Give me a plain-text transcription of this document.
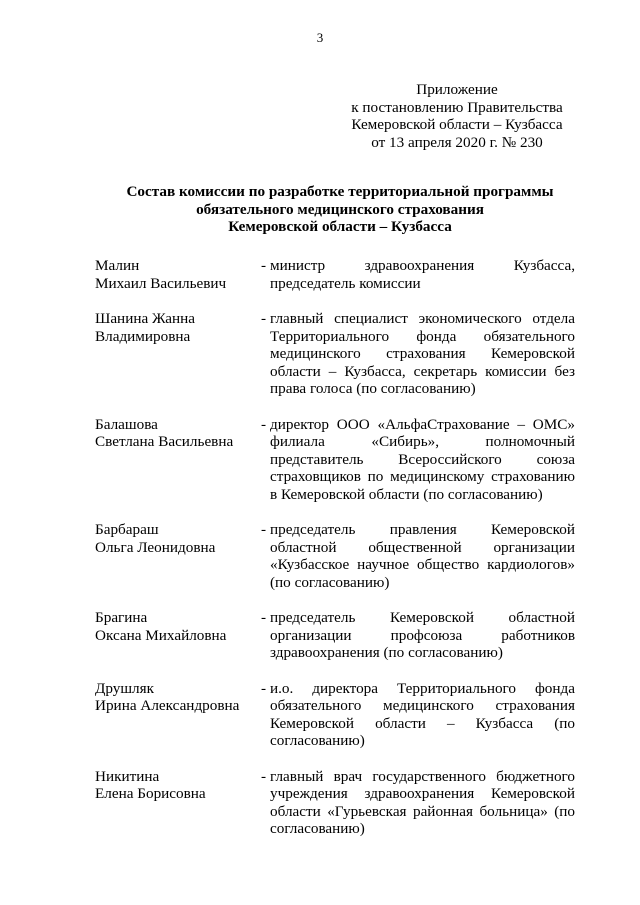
3
Приложение
к постановлению Правительства
Кемеровской области – Кузбасса
от 13 апреля 2020 г. № 230
Состав комиссии по разработке территориальной программы
обязательного медицинского страхования
Кемеровской области – Кузбасса
Малин
Михаил Васильевич
- министр здравоохранения Кузбасса, председатель комиссии
Шанина Жанна
Владимировна
- главный специалист экономического отдела Территориального фонда обязательного медицинского страхования Кемеровской области – Кузбасса, секретарь комиссии без права голоса (по согласованию)
Балашова
Светлана Васильевна
- директор ООО «АльфаСтрахование – ОМС» филиала «Сибирь», полномочный представитель Всероссийского союза страховщиков по медицинскому страхованию в Кемеровской области (по согласованию)
Барбараш
Ольга Леонидовна
- председатель правления Кемеровской областной общественной организации «Кузбасское научное общество кардиологов» (по согласованию)
Брагина
Оксана Михайловна
- председатель Кемеровской областной организации профсоюза работников здравоохранения (по согласованию)
Друшляк
Ирина Александровна
- и.о. директора Территориального фонда обязательного медицинского страхования Кемеровской области – Кузбасса (по согласованию)
Никитина
Елена Борисовна
- главный врач государственного бюджетного учреждения здравоохранения Кемеровской области «Гурьевская районная больница» (по согласованию)
